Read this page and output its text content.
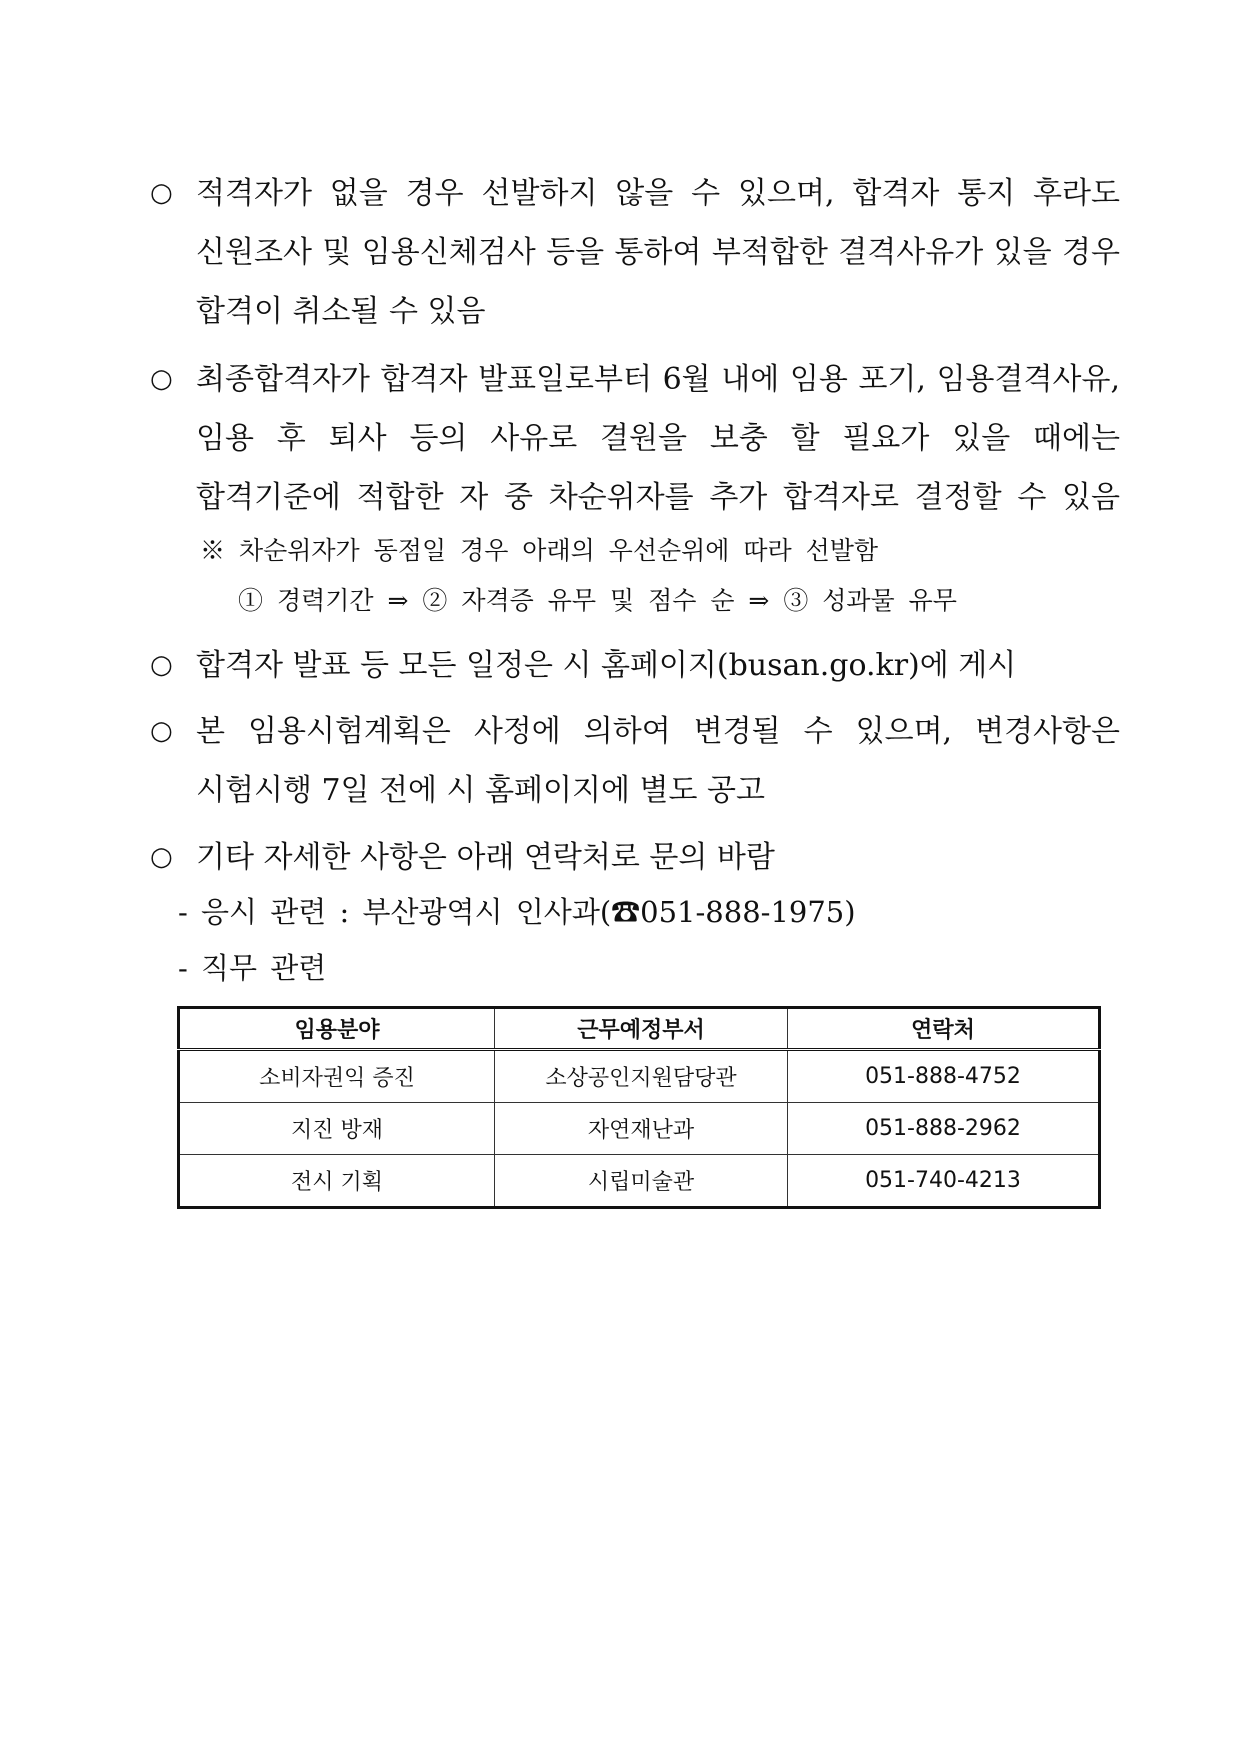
○ 적격자가 없을 경우 선발하지 않을 수 있으며, 합격자 통지 후라도
신원조사 및 임용신체검사 등을 통하여 부적합한 결격사유가 있을 경우
합격이 취소될 수 있음
○ 최종합격자가 합격자 발표일로부터 6월 내에 임용 포기, 임용결격사유,
임용 후 퇴사 등의 사유로 결원을 보충 할 필요가 있을 때에는
합격기준에 적합한 자 중 차순위자를 추가 합격자로 결정할 수 있음
※ 차순위자가 동점일 경우 아래의 우선순위에 따라 선발함
① 경력기간 ⇒ ② 자격증 유무 및 점수 순 ⇒ ③ 성과물 유무
○ 합격자 발표 등 모든 일정은 시 홈페이지(busan.go.kr)에 게시
○ 본 임용시험계획은 사정에 의하여 변경될 수 있으며, 변경사항은
시험시행 7일 전에 시 홈페이지에 별도 공고
○ 기타 자세한 사항은 아래 연락처로 문의 바람
- 응시 관련 : 부산광역시 인사과(☎051-888-1975)
- 직무 관련
임용분야	근무예정부서	연락처
소비자권익 증진	소상공인지원담당관	051-888-4752
지진 방재	자연재난과	051-888-2962
전시 기획	시립미술관	051-740-4213
